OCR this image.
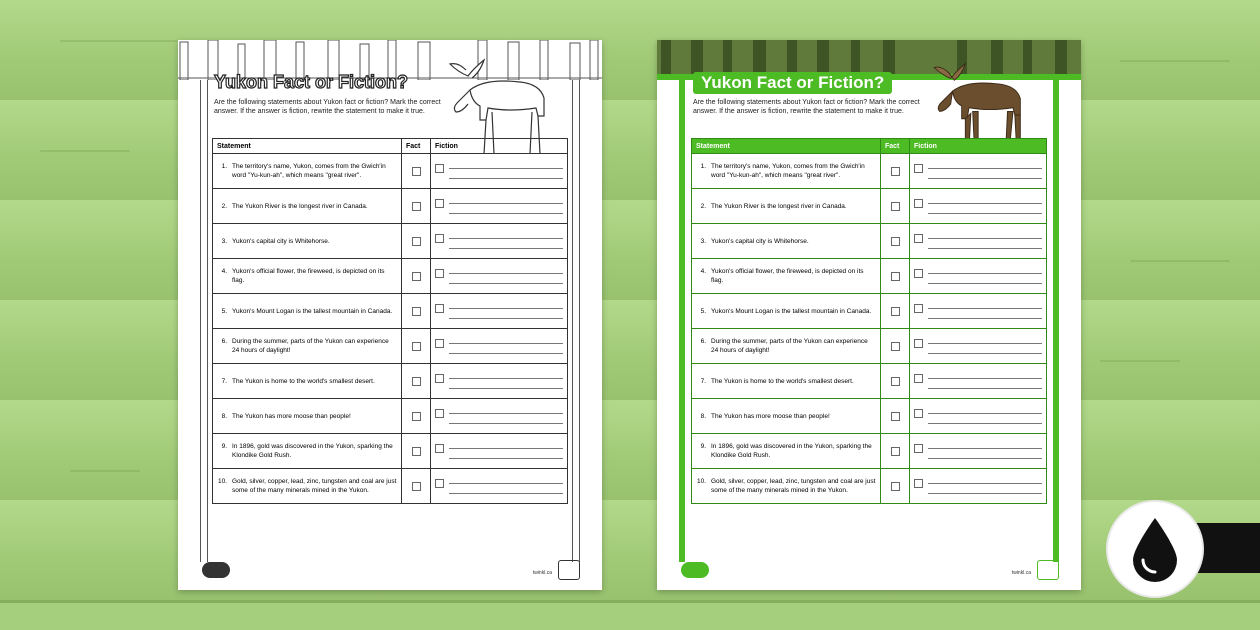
Yukon Fact or Fiction?
Are the following statements about Yukon fact or fiction? Mark the correct answer. If the answer is fiction, rewrite the statement to make it true.
Statement	Fact	Fiction

1. The territory's name, Yukon, comes from the Gwich'in word "Yu-kun-ah", which means "great river".		

2. The Yukon River is the longest river in Canada.		

3. Yukon's capital city is Whitehorse.		

4. Yukon's official flower, the fireweed, is depicted on its flag.		

5. Yukon's Mount Logan is the tallest mountain in Canada.		

6. During the summer, parts of the Yukon can experience 24 hours of daylight!		

7. The Yukon is home to the world's smallest desert.		

8. The Yukon has more moose than people!		

9. In 1896, gold was discovered in the Yukon, sparking the Klondike Gold Rush.		

10. Gold, silver, copper, lead, zinc, tungsten and coal are just some of the many minerals mined in the Yukon.		

twinkl.ca
Yukon Fact or Fiction?
Are the following statements about Yukon fact or fiction? Mark the correct answer. If the answer is fiction, rewrite the statement to make it true.
Statement	Fact	Fiction

1. The territory's name, Yukon, comes from the Gwich'in word "Yu-kun-ah", which means "great river".		

2. The Yukon River is the longest river in Canada.		

3. Yukon's capital city is Whitehorse.		

4. Yukon's official flower, the fireweed, is depicted on its flag.		

5. Yukon's Mount Logan is the tallest mountain in Canada.		

6. During the summer, parts of the Yukon can experience 24 hours of daylight!		

7. The Yukon is home to the world's smallest desert.		

8. The Yukon has more moose than people!		

9. In 1896, gold was discovered in the Yukon, sparking the Klondike Gold Rush.		

10. Gold, silver, copper, lead, zinc, tungsten and coal are just some of the many minerals mined in the Yukon.		

twinkl.ca
